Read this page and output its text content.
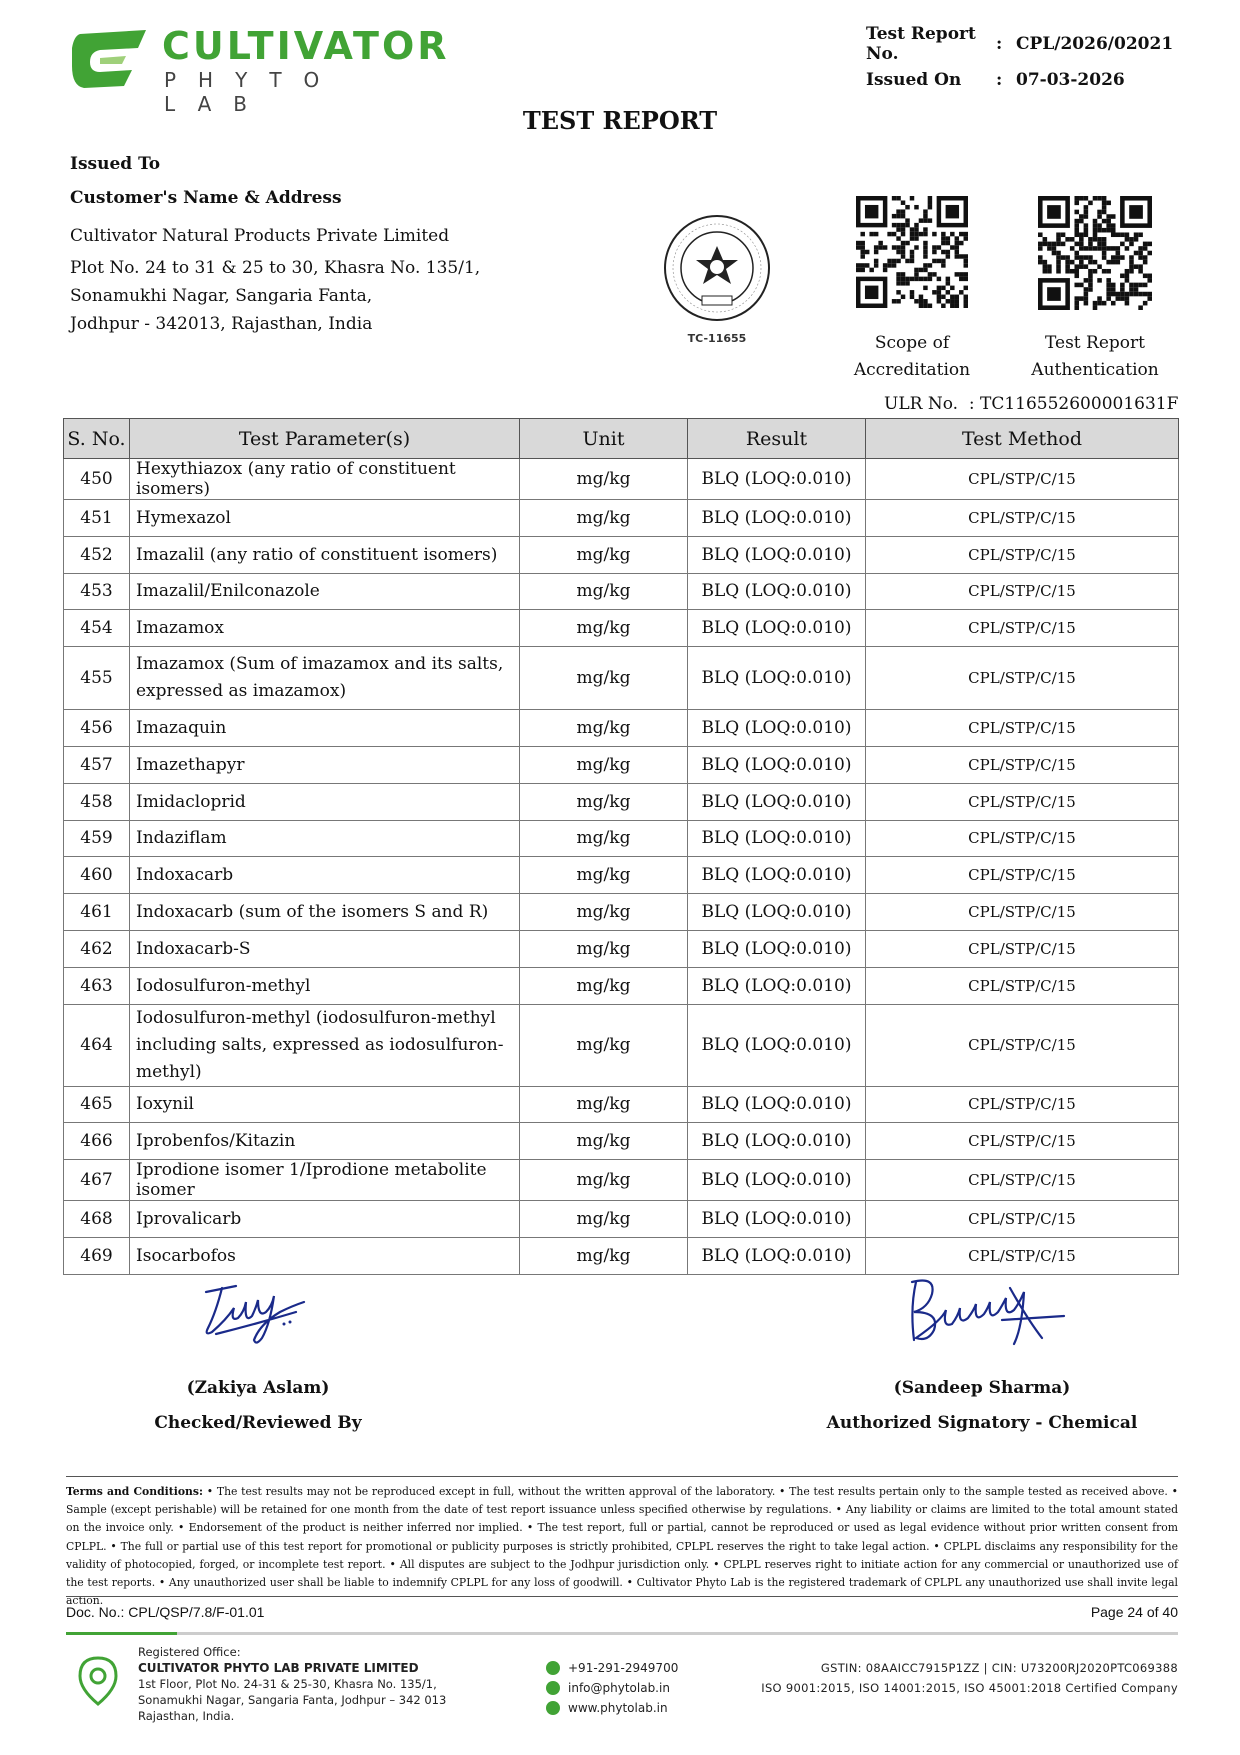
CULTIVATOR
PHYTO LAB
Test Report No.	: CPL/2026/02021
Issued On	: 07-03-2026
TEST REPORT
Issued To
Customer's Name & Address
Cultivator Natural Products Private Limited
Plot No. 24 to 31 & 25 to 30, Khasra No. 135/1,
Sonamukhi Nagar, Sangaria Fanta,
Jodhpur - 342013, Rajasthan, India
TC-11655	Scope of
Accreditation
Test Report
Authentication
ULR No.  : TC116552600001631F
S. No.	Test Parameter(s)	Unit	Result	Test Method
450	Hexythiazox (any ratio of constituent isomers)	mg/kg	BLQ (LOQ:0.010)	CPL/STP/C/15
451	Hymexazol	mg/kg	BLQ (LOQ:0.010)	CPL/STP/C/15
452	Imazalil (any ratio of constituent isomers)	mg/kg	BLQ (LOQ:0.010)	CPL/STP/C/15
453	Imazalil/Enilconazole	mg/kg	BLQ (LOQ:0.010)	CPL/STP/C/15
454	Imazamox	mg/kg	BLQ (LOQ:0.010)	CPL/STP/C/15
455	Imazamox (Sum of imazamox and its salts,
expressed as imazamox)	mg/kg	BLQ (LOQ:0.010)	CPL/STP/C/15
456	Imazaquin	mg/kg	BLQ (LOQ:0.010)	CPL/STP/C/15
457	Imazethapyr	mg/kg	BLQ (LOQ:0.010)	CPL/STP/C/15
458	Imidacloprid	mg/kg	BLQ (LOQ:0.010)	CPL/STP/C/15
459	Indaziflam	mg/kg	BLQ (LOQ:0.010)	CPL/STP/C/15
460	Indoxacarb	mg/kg	BLQ (LOQ:0.010)	CPL/STP/C/15
461	Indoxacarb (sum of the isomers S and R)	mg/kg	BLQ (LOQ:0.010)	CPL/STP/C/15
462	Indoxacarb-S	mg/kg	BLQ (LOQ:0.010)	CPL/STP/C/15
463	Iodosulfuron-methyl	mg/kg	BLQ (LOQ:0.010)	CPL/STP/C/15
464	Iodosulfuron-methyl (iodosulfuron-methyl
including salts, expressed as iodosulfuron-methyl)	mg/kg	BLQ (LOQ:0.010)	CPL/STP/C/15
465	Ioxynil	mg/kg	BLQ (LOQ:0.010)	CPL/STP/C/15
466	Iprobenfos/Kitazin	mg/kg	BLQ (LOQ:0.010)	CPL/STP/C/15
467	Iprodione isomer 1/Iprodione metabolite isomer	mg/kg	BLQ (LOQ:0.010)	CPL/STP/C/15
468	Iprovalicarb	mg/kg	BLQ (LOQ:0.010)	CPL/STP/C/15
469	Isocarbofos	mg/kg	BLQ (LOQ:0.010)	CPL/STP/C/15
(Zakiya Aslam)
Checked/Reviewed By
(Sandeep Sharma)
Authorized Signatory - Chemical
Terms and Conditions: • The test results may not be reproduced except in full, without the written approval of the laboratory. • The test results pertain only to the sample tested as received above. • Sample (except perishable) will be retained for one month from the date of test report issuance unless specified otherwise by regulations. • Any liability or claims are limited to the total amount stated on the invoice only. • Endorsement of the product is neither inferred nor implied. • The test report, full or partial, cannot be reproduced or used as legal evidence without prior written consent from CPLPL. • The full or partial use of this test report for promotional or publicity purposes is strictly prohibited, CPLPL reserves the right to take legal action. • CPLPL disclaims any responsibility for the validity of photocopied, forged, or incomplete test report. • All disputes are subject to the Jodhpur jurisdiction only. • CPLPL reserves right to initiate action for any commercial or unauthorized use of the test reports. • Any unauthorized user shall be liable to indemnify CPLPL for any loss of goodwill. • Cultivator Phyto Lab is the registered trademark of CPLPL any unauthorized use shall invite legal action.
Doc. No.: CPL/QSP/7.8/F-01.01	Page 24 of 40
Registered Office:
CULTIVATOR PHYTO LAB PRIVATE LIMITED
1st Floor, Plot No. 24-31 & 25-30, Khasra No. 135/1,
Sonamukhi Nagar, Sangaria Fanta, Jodhpur – 342 013
Rajasthan, India.
+91-291-2949700
info@phytolab.in
www.phytolab.in
GSTIN: 08AAICC7915P1ZZ | CIN: U73200RJ2020PTC069388
ISO 9001:2015, ISO 14001:2015, ISO 45001:2018 Certified Company
